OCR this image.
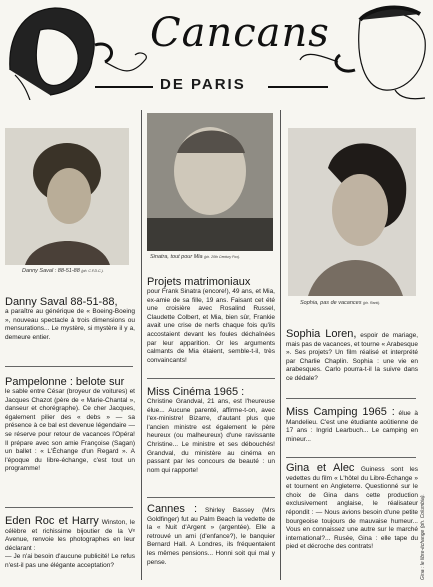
Cancans
DE PARIS
Danny Saval : 88-51-88 (ph. C.F.D.C.).
Danny Saval 88-51-88,
a paraître au générique de « Boeing-Boeing », nouveau spectacle à trois dimensions ou mensurations... Le mystère, si mystère il y a, demeure entier.
Pampelonne : belote sur
le sable entre César (broyeur de voitures) et Jacques Chazot (père de « Marie-Chantal », danseur et chorégraphe). Ce cher Jacques, également pilier des « debs » — sa présence à ce bal est devenue légendaire — se réserve pour retour de vacances l'Opéra! Il prépare avec son amie Françoise (Sagan) un ballet : « L'Échange d'un Regard ». A l'époque du libre-échange, c'est tout un programme!
Eden Roc et Harry Winston, le célèbre et richissime bijoutier de la Vᵉ Avenue, renvoie les photographes en leur déclarant :
— Je n'ai besoin d'aucune publicité! Le refus n'est-il pas une élégante acceptation?
Sinatra, tout pour Mia (ph. 20th Century Fox).
Projets matrimoniaux
pour Frank Sinatra (encore!), 49 ans, et Mia, ex-amie de sa fille, 19 ans. Faisant cet été une croisière avec Rosalind Russel, Claudette Colbert, et Mia, bien sûr, Frankie avait une crise de nerfs chaque fois qu'ils accostaient devant les foules déchaînées par leur apparition. Or les arguments calmants de Mia étaient, semble-t-il, très convaincants!
Miss Cinéma 1965 :
Christine Grandval, 21 ans, est l'heureuse élue... Aucune parenté, affirme-t-on, avec l'ex-ministre! Bizarre, d'autant plus que l'ancien ministre est également le père heureux (ou malheureux) d'une ravissante Christine... Le ministre et ses débouchés! Grandval, du ministère au cinéma en passant par les concours de beauté : un nom qui rapporte!
Cannes : Shirley Bassey (Mrs Goldfinger) fut au Palm Beach la vedette de la « Nuit d'Argent » (argentée). Elle a retrouvé un ami (d'enfance?), le banquier Bernard Hall. A Londres, ils fréquentaient les mêmes pensions... Honni soit qui mal y pense.
Sophia, pas de vacances (ph. Rank).
Sophia Loren, espoir de mariage, mais pas de vacances, et tourne « Arabesque ». Ses projets? Un film réalisé et interprété par Charlie Chaplin. Sophia : une vie en arabesques. Carlo pourra-t-il la suivre dans ce dédale?
Miss Camping 1965 : élue à Mandelieu. C'est une étudiante aoûtienne de 17 ans : Ingrid Learbuch... Le camping en mineur...
Gina et Alec Guiness sont les vedettes du film « L'hôtel du Libre-Échange » et tournent en Angleterre. Questionné sur le choix de Gina dans cette production exclusivement anglaise, le réalisateur répondit : — Nous avions besoin d'une petite bourgeoise toujours de mauvaise humeur... Vous en connaissez une autre sur le marché international?... Rusée, Gina : elle tape du pied et décroche des contrats!	Gina : le libre-échange (ph. Columbia).
